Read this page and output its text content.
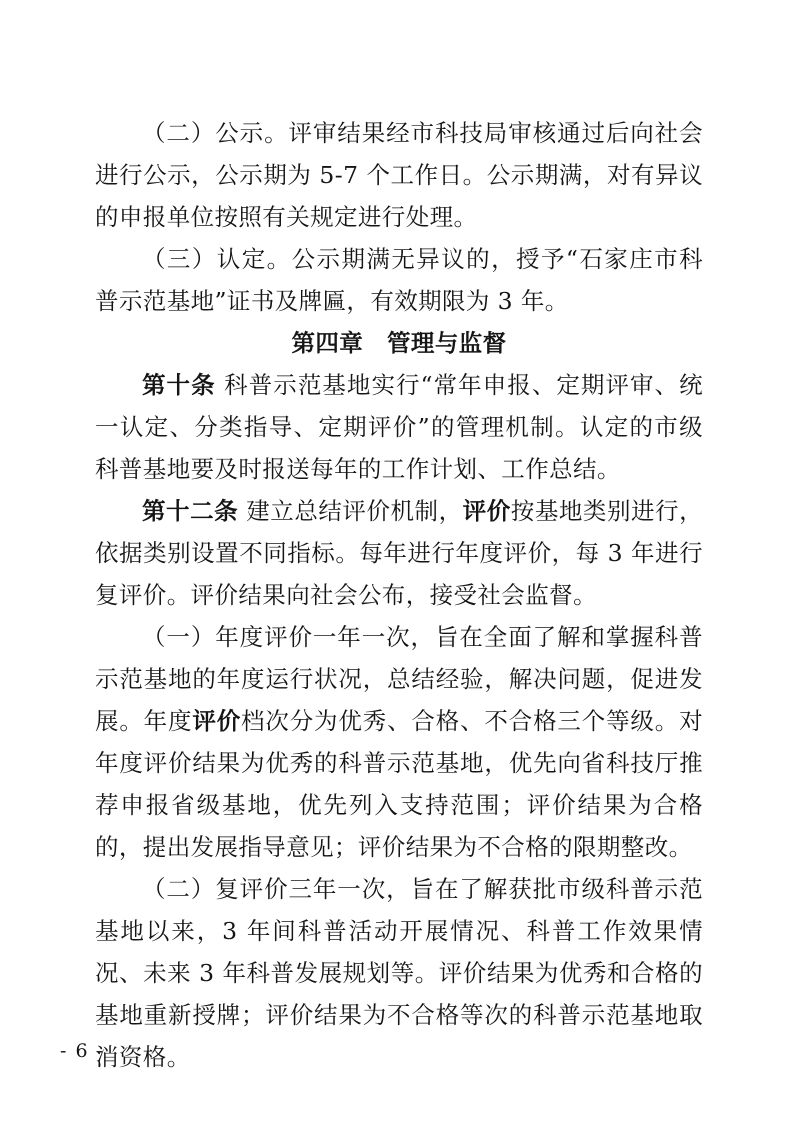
（二）公示。评审结果经市科技局审核通过后向社会进行公示，公示期为 5-7 个工作日。公示期满，对有异议的申报单位按照有关规定进行处理。

（三）认定。公示期满无异议的，授予“石家庄市科普示范基地”证书及牌匾，有效期限为 3 年。

第四章　管理与监督

第十条 科普示范基地实行“常年申报、定期评审、统一认定、分类指导、定期评价”的管理机制。认定的市级科普基地要及时报送每年的工作计划、工作总结。

第十二条 建立总结评价机制，评价按基地类别进行，依据类别设置不同指标。每年进行年度评价，每 3 年进行复评价。评价结果向社会公布，接受社会监督。

（一）年度评价一年一次，旨在全面了解和掌握科普示范基地的年度运行状况，总结经验，解决问题，促进发展。年度评价档次分为优秀、合格、不合格三个等级。对年度评价结果为优秀的科普示范基地，优先向省科技厅推荐申报省级基地，优先列入支持范围；评价结果为合格的，提出发展指导意见；评价结果为不合格的限期整改。

（二）复评价三年一次，旨在了解获批市级科普示范基地以来，3 年间科普活动开展情况、科普工作效果情况、未来 3 年科普发展规划等。评价结果为优秀和合格的基地重新授牌；评价结果为不合格等次的科普示范基地取消资格。

- 6 -
